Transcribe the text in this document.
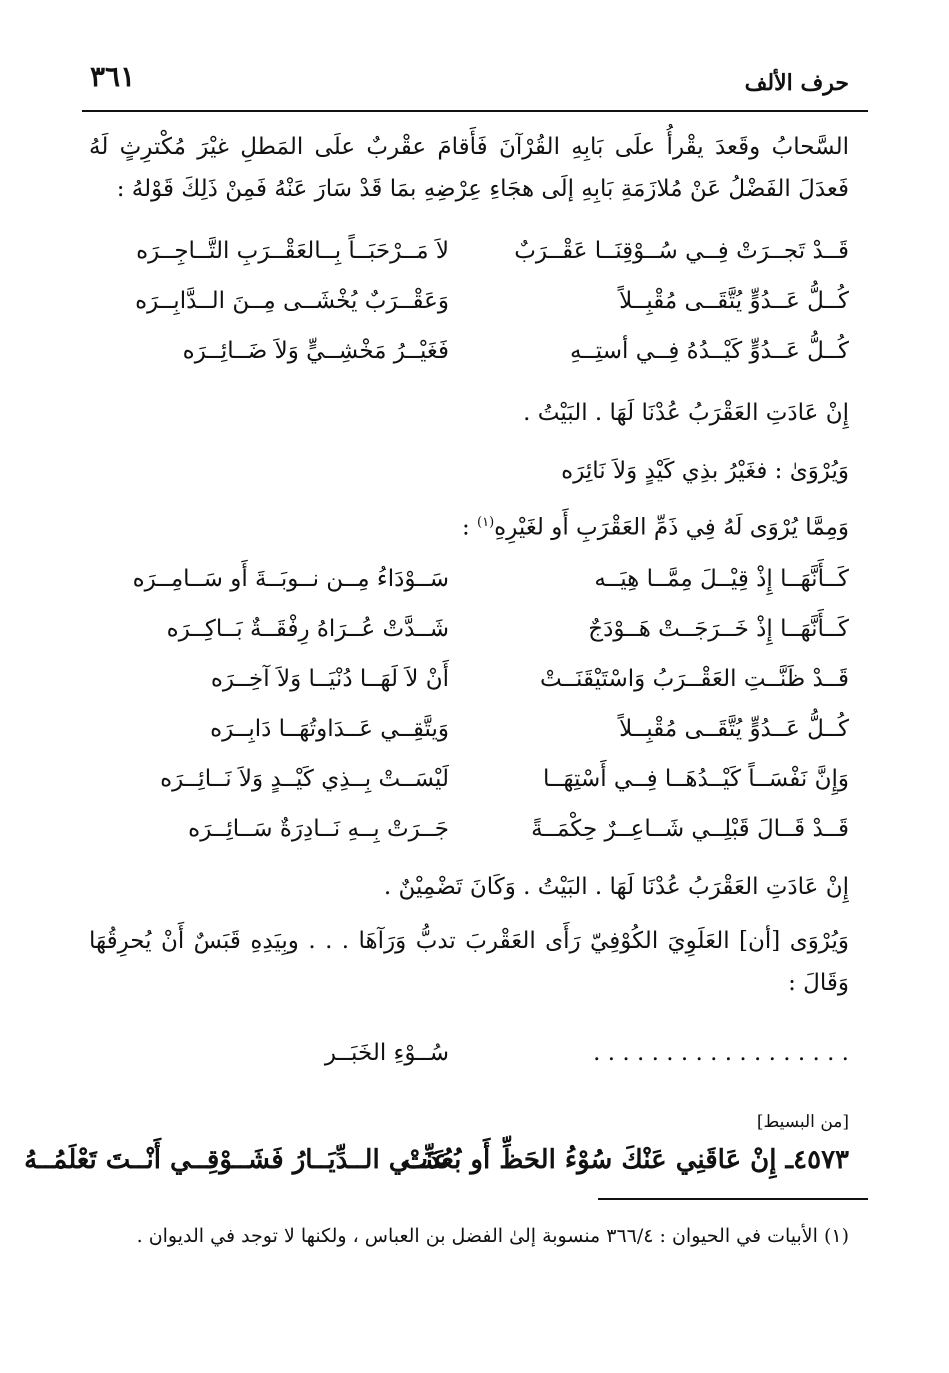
حرف الألف
٣٦١
السَّحابُ وقَعدَ يقْرأُ علَى بَابِهِ القُرْآنَ فَأَقامَ عقْربٌ علَى المَطلِ غيْرَ مُكْترِثٍ لَهُ فَعدَلَ الفَضْلُ عَنْ مُلازَمَةِ بَابِهِ إلَى هجَاءِ عِرْضِهِ بمَا قَدْ سَارَ عَنْهُ فَمِنْ ذَلِكَ قَوْلهُ :
قَــدْ تَجــرَتْ فِــي سُــوْقِنَــا عَقْــرَبٌ
لاَ مَــرْحَبَــاً بِــالعَقْــرَبِ التَّــاجِــرَه
كُــلُّ عَــدُوٍّ يُتَّقَــى مُقْبِــلاً
وَعَقْــرَبٌ يُخْشَــى مِــنَ الــدَّابِــرَه
كُــلُّ عَــدُوٍّ كَيْــدُهُ فِــي أستِــهِ
فَغَيْــرُ مَخْشِــيٍّ وَلاَ ضَــائِــرَه
إِنْ عَادَتِ العَقْرَبُ عُدْنَا لَهَا . البَيْتُ .
وَيُرْوَىٰ : فغَيْرُ بذِي كَيْدٍ وَلاَ نَائِرَه
وَمِمَّا يُرْوَى لَهُ فِي ذَمِّ العَقْرَبِ أَو لغَيْرِهِ$^{(١)}$ :
كَــأَنَّهَــا إِذْ قِيْــلَ مِمَّــا هِيَــه
سَــوْدَاءُ مِــن نــوبَــةَ أَو سَــامِــرَه
كَــأَنَّهَــا إِذْ خَــرَجَــتْ هَــوْدَجٌ
شَــدَّتْ عُــرَاهُ رِفْقَــةٌ بَــاكِــرَه
قَــدْ ظَنَّــتِ العَقْــرَبُ وَاسْتَيْقَنَــتْ
أَنْ لاَ لَهَــا دُنْيَــا وَلاَ آخِــرَه
كُــلُّ عَــدُوٍّ يُتَّقَــى مُقْبِــلاً
وَيتَّقِــي عَــدَاوتُهَــا دَابِــرَه
وَإِنَّ نَفْسَــاً كَيْــدُهَــا فِــي أَسْتِهَــا
لَيْسَــتْ بِــذِي كَيْــدٍ وَلاَ نَــائِــرَه
قَــدْ قَــالَ قَبْلِــي شَــاعِــرٌ حِكْمَــةً
جَــرَتْ بِــهِ نَــادِرَةٌ سَــائِــرَه
إِنْ عَادَتِ العَقْرَبُ عُدْنَا لَهَا . البَيْتُ . وَكَانَ تَضْمِيْنٌ .
وَيُرْوَى [أن] العَلَوِيَ الكُوْفِيّ رَأَى العَقْربَ تدبُّ وَرَآهَا . . . وبِيَدِهِ قَبَسٌ أَنْ يُحرِقُهَا وَقَالَ :
. . . . . . . . . . . . . . . . . .
سُــوْءِ الخَبَــر
[من البسيط]
٤٥٧٣ـ إِنْ عَاقَنِي عَنْكَ سُوْءُ الحَظِّ أَو بُعُدَتْ
عَنِّــي الــدِّيَــارُ فَشَــوْقِــي أَنْــتَ تَعْلَمُــهُ
(١) الأبيات في الحيوان : ٣٦٦/٤ منسوبة إلىٰ الفضل بن العباس ، ولكنها لا توجد في الديوان .
